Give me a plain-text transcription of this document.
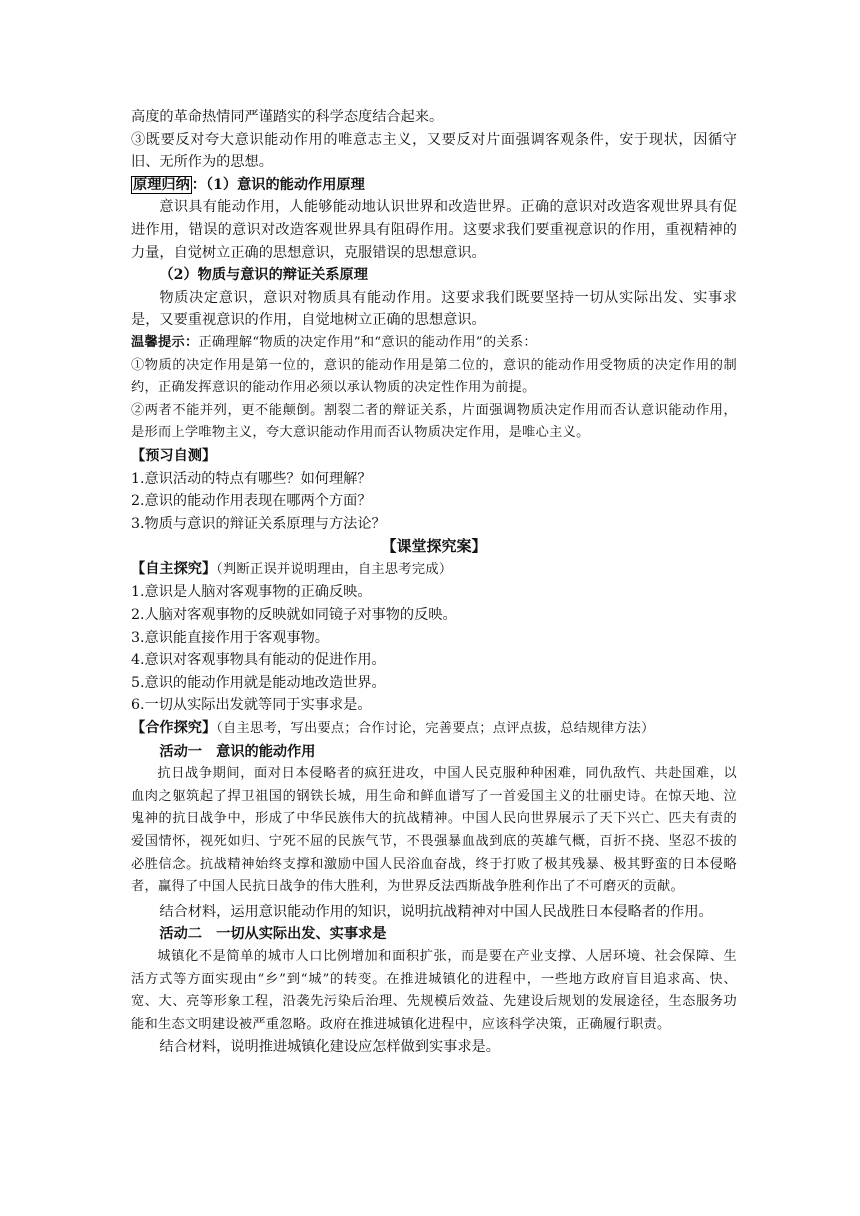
高度的革命热情同严谨踏实的科学态度结合起来。

③既要反对夸大意识能动作用的唯意志主义，又要反对片面强调客观条件，安于现状，因循守旧、无所作为的思想。

原理归纳 ：（1）意识的能动作用原理

意识具有能动作用，人能够能动地认识世界和改造世界。正确的意识对改造客观世界具有促进作用，错误的意识对改造客观世界具有阻碍作用。这要求我们要重视意识的作用，重视精神的力量，自觉树立正确的思想意识，克服错误的思想意识。

（2）物质与意识的辩证关系原理

物质决定意识，意识对物质具有能动作用。这要求我们既要坚持一切从实际出发、实事求是，又要重视意识的作用，自觉地树立正确的思想意识。

温馨提示：正确理解“物质的决定作用”和“意识的能动作用”的关系：

①物质的决定作用是第一位的，意识的能动作用是第二位的，意识的能动作用受物质的决定作用的制约，正确发挥意识的能动作用必须以承认物质的决定性作用为前提。

②两者不能并列，更不能颠倒。割裂二者的辩证关系，片面强调物质决定作用而否认意识能动作用，是形而上学唯物主义，夸大意识能动作用而否认物质决定作用，是唯心主义。

【预习自测】

1.意识活动的特点有哪些？如何理解？

2.意识的能动作用表现在哪两个方面？

3.物质与意识的辩证关系原理与方法论？

【课堂探究案】

【自主探究】（判断正误并说明理由，自主思考完成）

1.意识是人脑对客观事物的正确反映。

2.人脑对客观事物的反映就如同镜子对事物的反映。

3.意识能直接作用于客观事物。

4.意识对客观事物具有能动的促进作用。

5.意识的能动作用就是能动地改造世界。

6.一切从实际出发就等同于实事求是。

【合作探究】（自主思考，写出要点；合作讨论，完善要点；点评点拔，总结规律方法）

活动一　意识的能动作用

抗日战争期间，面对日本侵略者的疯狂进攻，中国人民克服种种困难，同仇敌忾、共赴国难，以血肉之躯筑起了捍卫祖国的钢铁长城，用生命和鲜血谱写了一首爱国主义的壮丽史诗。在惊天地、泣鬼神的抗日战争中，形成了中华民族伟大的抗战精神。中国人民向世界展示了天下兴亡、匹夫有责的爱国情怀，视死如归、宁死不屈的民族气节，不畏强暴血战到底的英雄气概，百折不挠、坚忍不拔的必胜信念。抗战精神始终支撑和激励中国人民浴血奋战，终于打败了极其残暴、极其野蛮的日本侵略者，赢得了中国人民抗日战争的伟大胜利，为世界反法西斯战争胜利作出了不可磨灭的贡献。

结合材料，运用意识能动作用的知识，说明抗战精神对中国人民战胜日本侵略者的作用。

活动二　一切从实际出发、实事求是

城镇化不是简单的城市人口比例增加和面积扩张，而是要在产业支撑、人居环境、社会保障、生活方式等方面实现由“乡”到“城”的转变。在推进城镇化的进程中，一些地方政府盲目追求高、快、宽、大、亮等形象工程，沿袭先污染后治理、先规模后效益、先建设后规划的发展途径，生态服务功能和生态文明建设被严重忽略。政府在推进城镇化进程中，应该科学决策，正确履行职责。

结合材料，说明推进城镇化建设应怎样做到实事求是。
